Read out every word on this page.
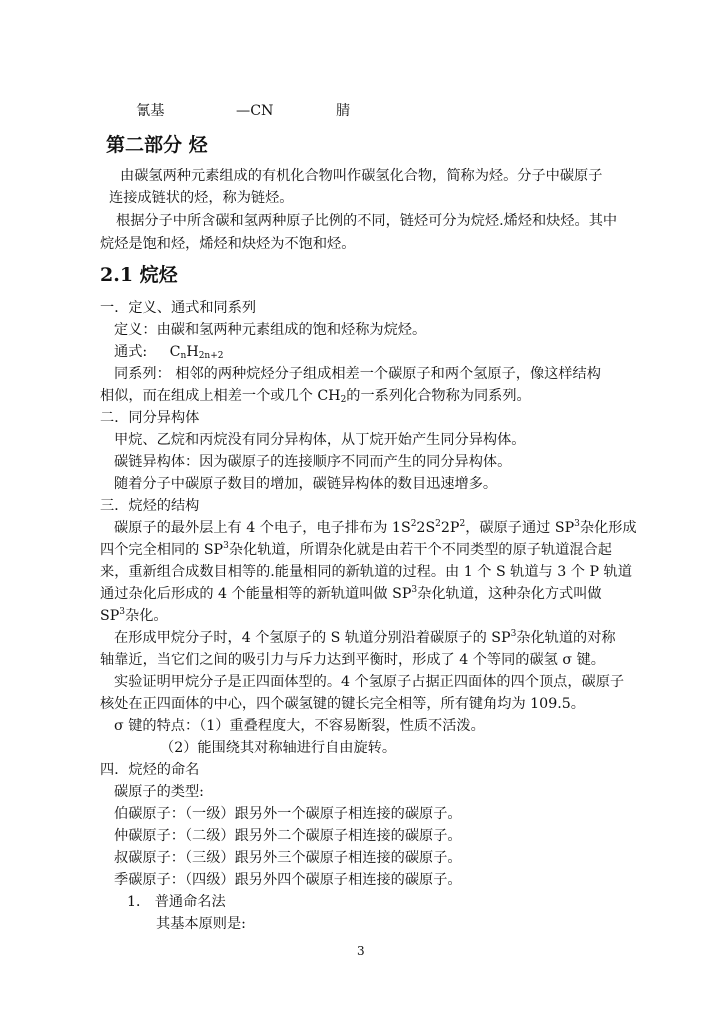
氰基	—CN	腈
第二部分 烃
由碳氢两种元素组成的有机化合物叫作碳氢化合物，简称为烃。分子中碳原子
连接成链状的烃，称为链烃。
根据分子中所含碳和氢两种原子比例的不同，链烃可分为烷烃.烯烃和炔烃。其中
烷烃是饱和烃，烯烃和炔烃为不饱和烃。
2.1 烷烃
一．定义、通式和同系列
定义：由碳和氢两种元素组成的饱和烃称为烷烃。
通式: $C_nH_{2n+2}$
同系列： 相邻的两种烷烃分子组成相差一个碳原子和两个氢原子，像这样结构
相似，而在组成上相差一个或几个 $CH_2$的一系列化合物称为同系列。
二．同分异构体
甲烷、乙烷和丙烷没有同分异构体，从丁烷开始产生同分异构体。
碳链异构体：因为碳原子的连接顺序不同而产生的同分异构体。
随着分子中碳原子数目的增加，碳链异构体的数目迅速增多。
三．烷烃的结构
碳原子的最外层上有 4 个电子，电子排布为 $1S^22S^22P^2$，碳原子通过 $SP^3$杂化形成
四个完全相同的 $SP^3$杂化轨道，所谓杂化就是由若干个不同类型的原子轨道混合起
来，重新组合成数目相等的.能量相同的新轨道的过程。由 1 个 S 轨道与 3 个 P 轨道
通过杂化后形成的 4 个能量相等的新轨道叫做 $SP^3$杂化轨道，这种杂化方式叫做
$SP^3$杂化。
在形成甲烷分子时，4 个氢原子的 S 轨道分别沿着碳原子的 $SP^3$杂化轨道的对称
轴靠近，当它们之间的吸引力与斥力达到平衡时，形成了 4 个等同的碳氢 σ 键。
实验证明甲烷分子是正四面体型的。4 个氢原子占据正四面体的四个顶点，碳原子
核处在正四面体的中心，四个碳氢键的键长完全相等，所有键角均为 109.5。
σ 键的特点：（1）重叠程度大，不容易断裂，性质不活泼。
（2）能围绕其对称轴进行自由旋转。
四．烷烃的命名
碳原子的类型:
伯碳原子：（一级）跟另外一个碳原子相连接的碳原子。
仲碳原子：（二级）跟另外二个碳原子相连接的碳原子。
叔碳原子：（三级）跟另外三个碳原子相连接的碳原子。
季碳原子：（四级）跟另外四个碳原子相连接的碳原子。
1． 普通命名法
其基本原则是:
3
